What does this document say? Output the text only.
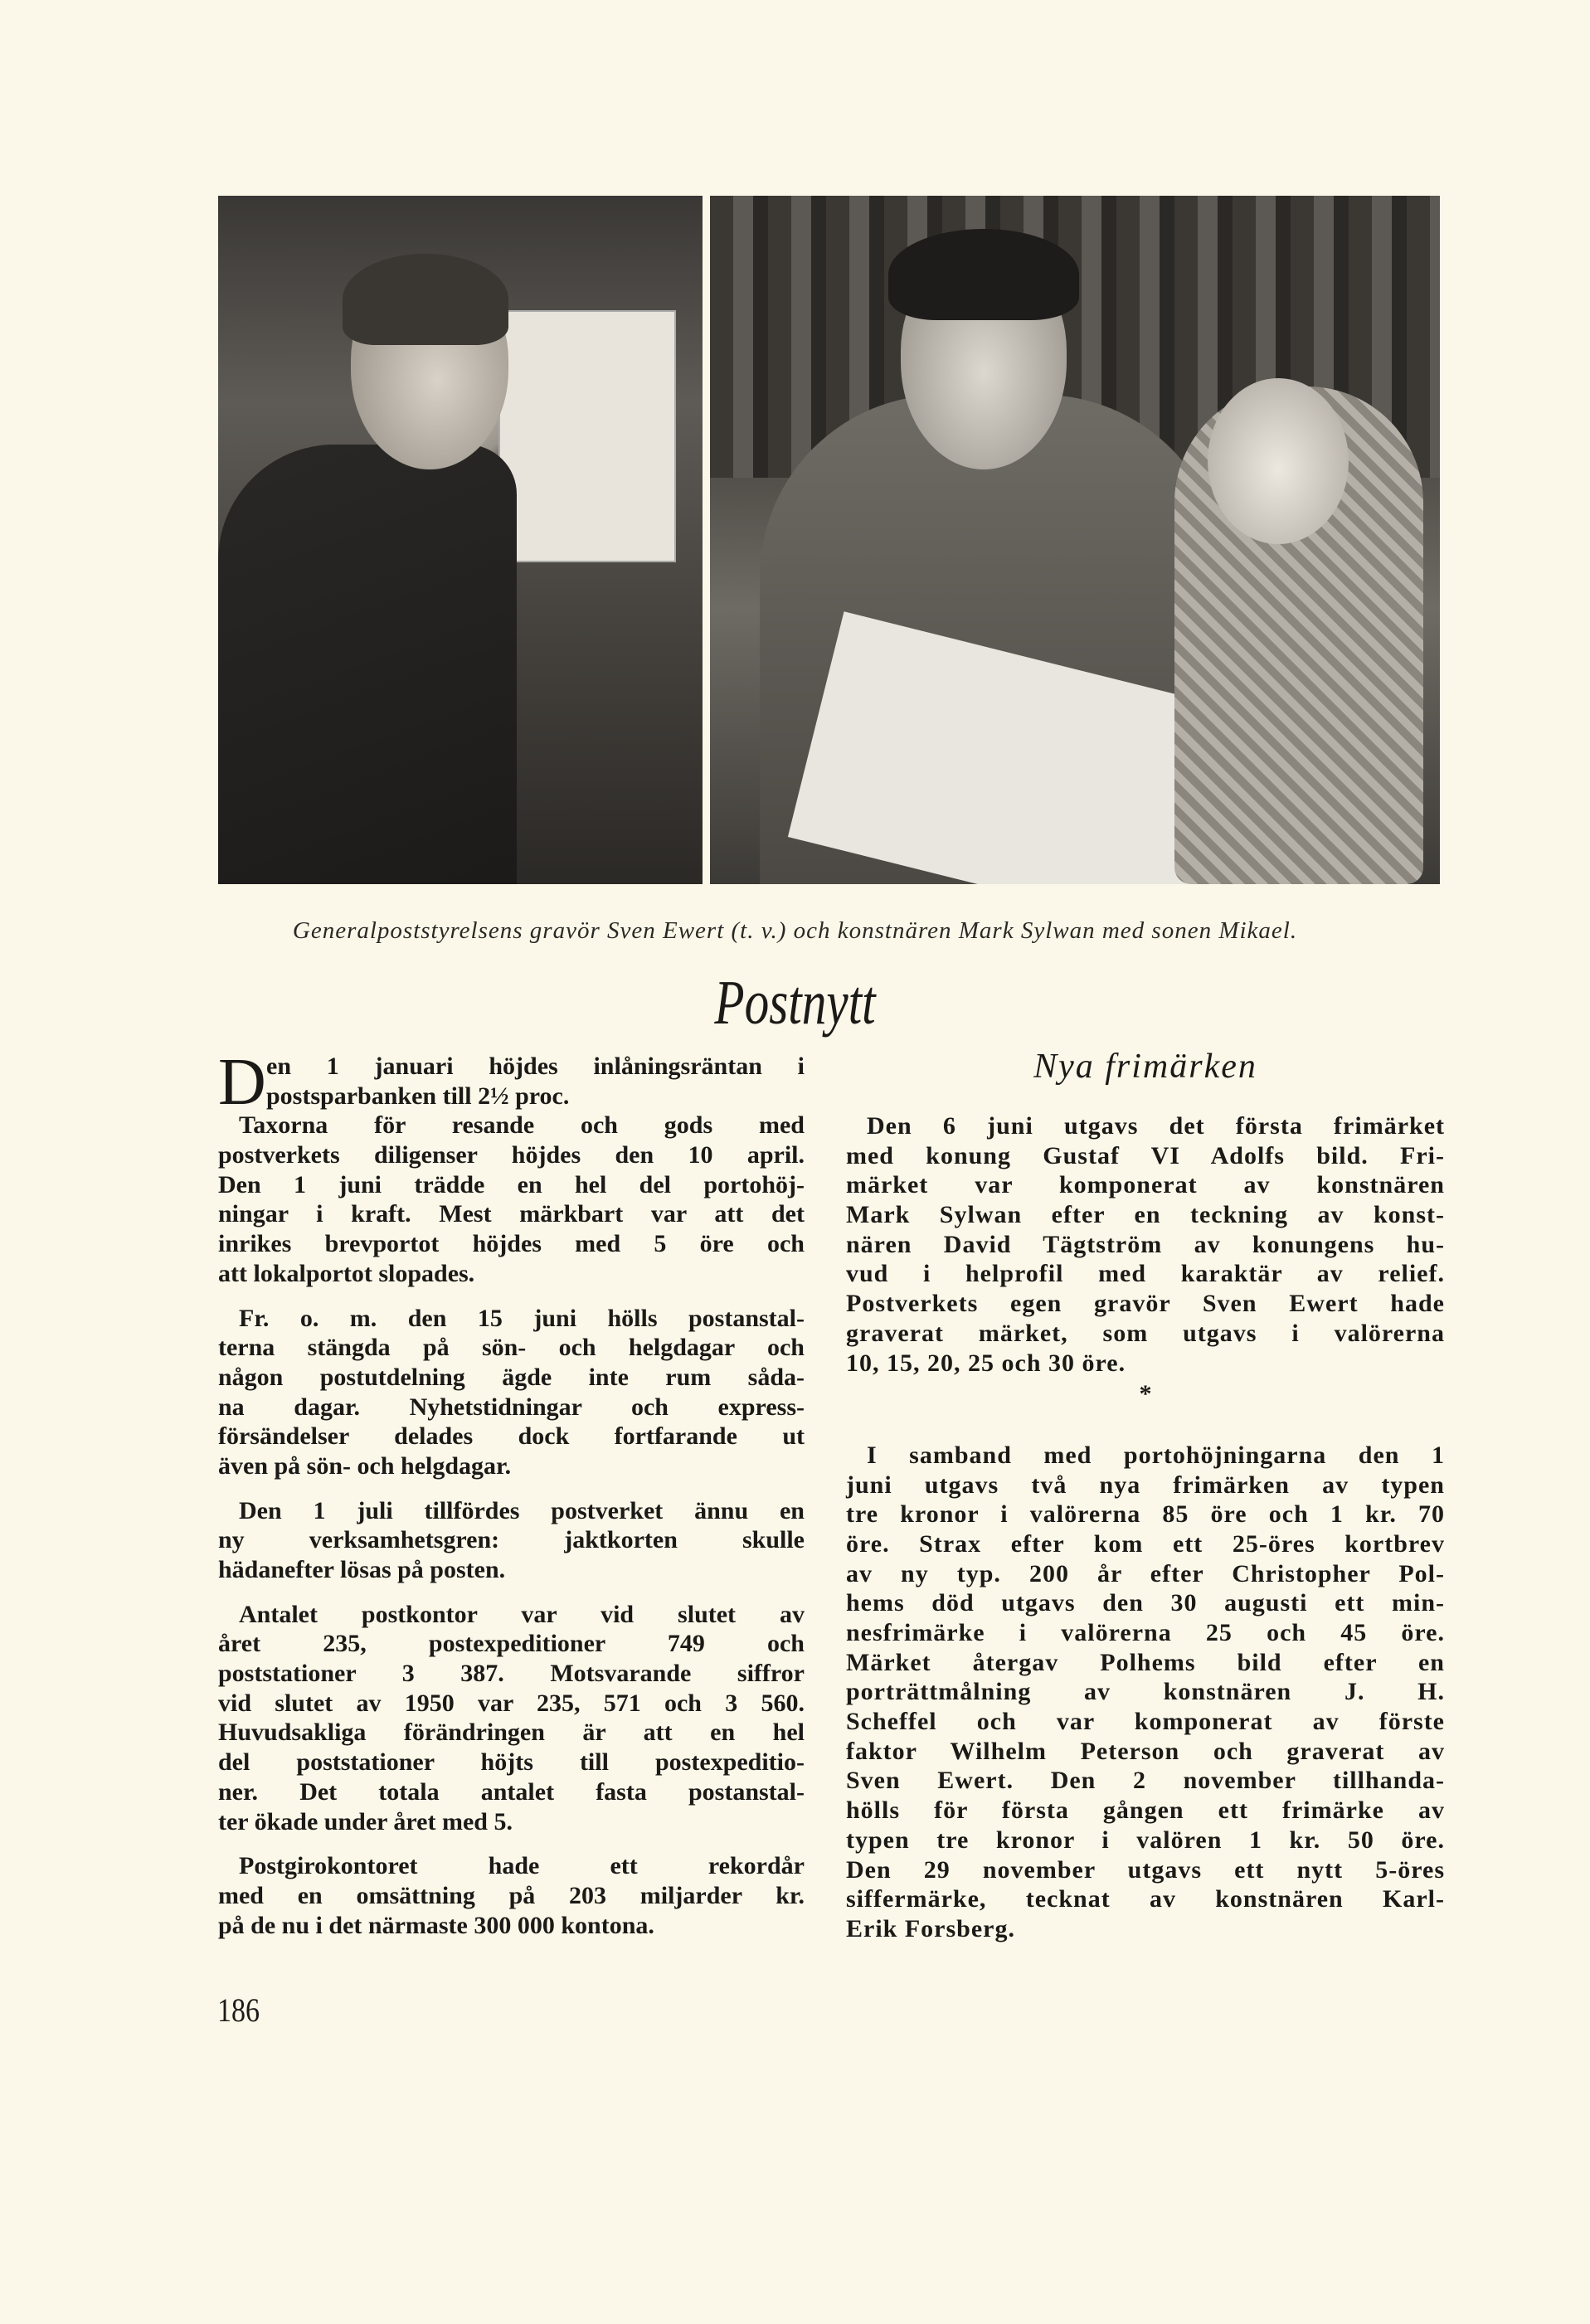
Generalpoststyrelsens gravör Sven Ewert (t. v.) och konstnären Mark Sylwan med sonen Mikael.
Postnytt
D en 1 januari höjdes inlåningsräntan i
postsparbanken till 2½ proc.
Taxorna för resande och gods med
postverkets diligenser höjdes den 10 april.
Den 1 juni trädde en hel del portohöj-
ningar i kraft. Mest märkbart var att det
inrikes brevportot höjdes med 5 öre och
att lokalportot slopades.
Fr. o. m. den 15 juni hölls postanstal-
terna stängda på sön- och helgdagar och
någon postutdelning ägde inte rum såda-
na dagar. Nyhetstidningar och express-
försändelser delades dock fortfarande ut
även på sön- och helgdagar.
Den 1 juli tillfördes postverket ännu en
ny verksamhetsgren: jaktkorten skulle
hädanefter lösas på posten.
Antalet postkontor var vid slutet av
året 235, postexpeditioner 749 och
poststationer 3 387. Motsvarande siffror
vid slutet av 1950 var 235, 571 och 3 560.
Huvudsakliga förändringen är att en hel
del poststationer höjts till postexpeditio-
ner. Det totala antalet fasta postanstal-
ter ökade under året med 5.
Postgirokontoret hade ett rekordår
med en omsättning på 203 miljarder kr.
på de nu i det närmaste 300 000 kontona.
Nya frimärken
Den 6 juni utgavs det första frimärket
med konung Gustaf VI Adolfs bild. Fri-
märket var komponerat av konstnären
Mark Sylwan efter en teckning av konst-
nären David Tägtström av konungens hu-
vud i helprofil med karaktär av relief.
Postverkets egen gravör Sven Ewert hade
graverat märket, som utgavs i valörerna
10, 15, 20, 25 och 30 öre.
*
I samband med portohöjningarna den 1
juni utgavs två nya frimärken av typen
tre kronor i valörerna 85 öre och 1 kr. 70
öre. Strax efter kom ett 25-öres kortbrev
av ny typ. 200 år efter Christopher Pol-
hems död utgavs den 30 augusti ett min-
nesfrimärke i valörerna 25 och 45 öre.
Märket återgav Polhems bild efter en
porträttmålning av konstnären J. H.
Scheffel och var komponerat av förste
faktor Wilhelm Peterson och graverat av
Sven Ewert. Den 2 november tillhanda-
hölls för första gången ett frimärke av
typen tre kronor i valören 1 kr. 50 öre.
Den 29 november utgavs ett nytt 5-öres
siffermärke, tecknat av konstnären Karl-
Erik Forsberg.
186
